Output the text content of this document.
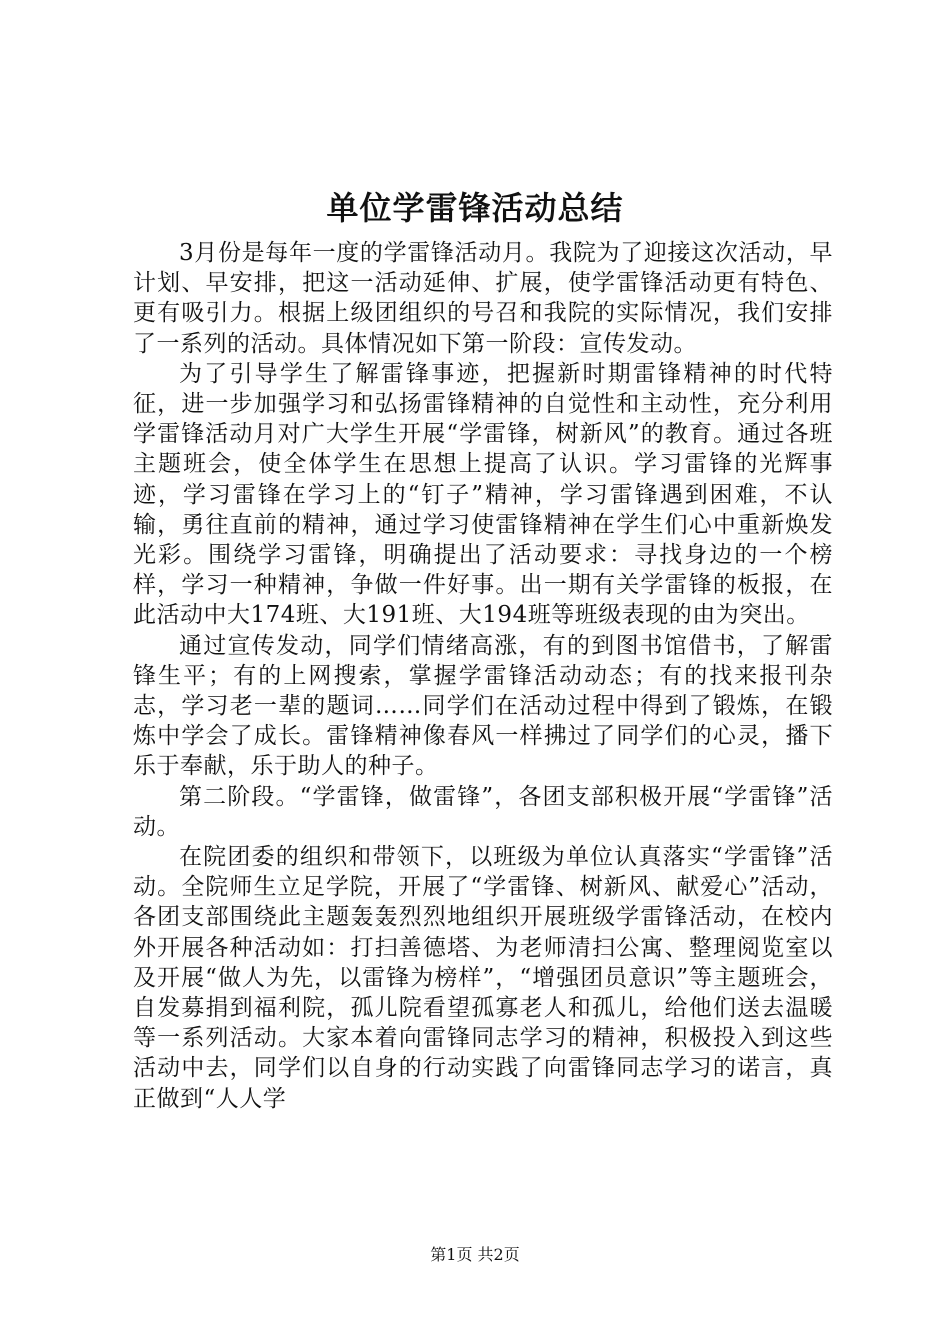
单位学雷锋活动总结

3月份是每年一度的学雷锋活动月。我院为了迎接这次活动，早计划、早安排，把这一活动延伸、扩展，使学雷锋活动更有特色、更有吸引力。根据上级团组织的号召和我院的实际情况，我们安排了一系列的活动。具体情况如下第一阶段：宣传发动。

为了引导学生了解雷锋事迹，把握新时期雷锋精神的时代特征，进一步加强学习和弘扬雷锋精神的自觉性和主动性，充分利用学雷锋活动月对广大学生开展“学雷锋，树新风”的教育。通过各班主题班会，使全体学生在思想上提高了认识。学习雷锋的光辉事迹，学习雷锋在学习上的“钉子”精神，学习雷锋遇到困难，不认输，勇往直前的精神，通过学习使雷锋精神在学生们心中重新焕发光彩。围绕学习雷锋，明确提出了活动要求：寻找身边的一个榜样，学习一种精神，争做一件好事。出一期有关学雷锋的板报，在此活动中大174班、大191班、大194班等班级表现的由为突出。

通过宣传发动，同学们情绪高涨，有的到图书馆借书，了解雷锋生平；有的上网搜索，掌握学雷锋活动动态；有的找来报刊杂志，学习老一辈的题词……同学们在活动过程中得到了锻炼，在锻炼中学会了成长。雷锋精神像春风一样拂过了同学们的心灵，播下乐于奉献，乐于助人的种子。

第二阶段。“学雷锋，做雷锋”，各团支部积极开展“学雷锋”活动。

在院团委的组织和带领下，以班级为单位认真落实“学雷锋”活动。全院师生立足学院，开展了“学雷锋、树新风、献爱心”活动，各团支部围绕此主题轰轰烈烈地组织开展班级学雷锋活动，在校内外开展各种活动如：打扫善德塔、为老师清扫公寓、整理阅览室以及开展“做人为先，以雷锋为榜样”，“增强团员意识”等主题班会，自发募捐到福利院，孤儿院看望孤寡老人和孤儿，给他们送去温暖等一系列活动。大家本着向雷锋同志学习的精神，积极投入到这些活动中去，同学们以自身的行动实践了向雷锋同志学习的诺言，真正做到“人人学

第1页 共2页
